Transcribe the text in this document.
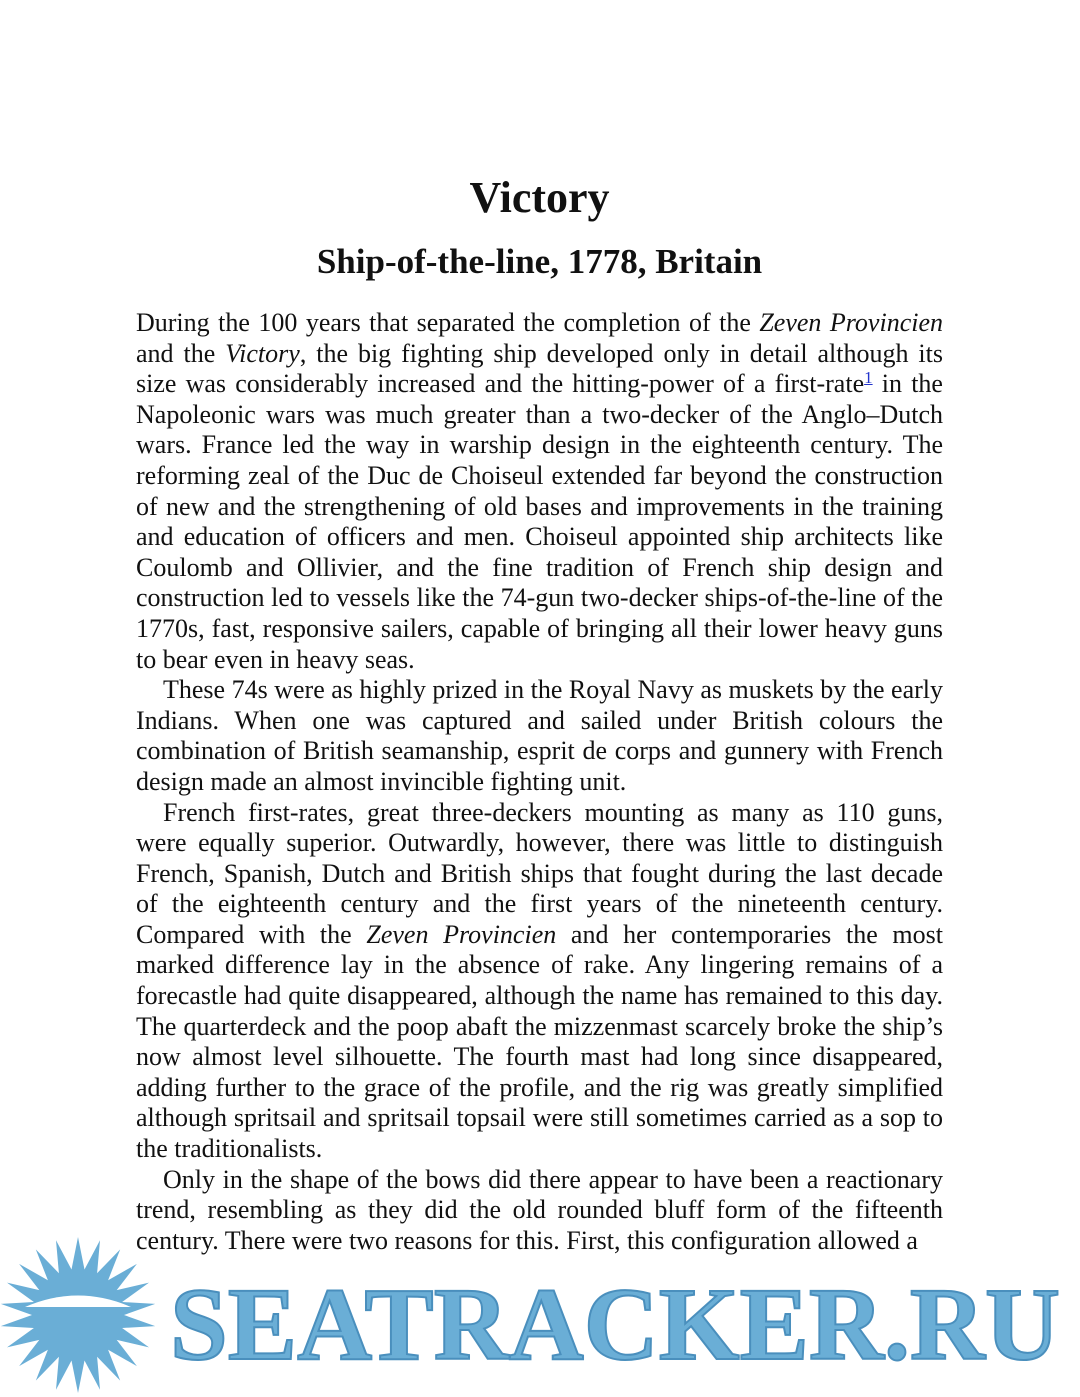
Victory
Ship-of-the-line, 1778, Britain

During the 100 years that separated the completion of the Zeven Provincien and the Victory, the big fighting ship developed only in detail although its size was considerably increased and the hitting-power of a first-rate$^1$ in the Napoleonic wars was much greater than a two-decker of the Anglo–Dutch wars. France led the way in warship design in the eighteenth century. The reforming zeal of the Duc de Choiseul extended far beyond the construction of new and the strengthening of old bases and improvements in the training and education of officers and men. Choiseul appointed ship architects like Coulomb and Ollivier, and the fine tradition of French ship design and construction led to vessels like the 74-gun two-decker ships-of-the-line of the 1770s, fast, responsive sailers, capable of bringing all their lower heavy guns to bear even in heavy seas.

These 74s were as highly prized in the Royal Navy as muskets by the early Indians. When one was captured and sailed under British colours the combination of British seamanship, esprit de corps and gunnery with French design made an almost invincible fighting unit.

French first-rates, great three-deckers mounting as many as 110 guns, were equally superior. Outwardly, however, there was little to distinguish French, Spanish, Dutch and British ships that fought during the last decade of the eighteenth century and the first years of the nineteenth century. Compared with the Zeven Provincien and her contemporaries the most marked difference lay in the absence of rake. Any lingering remains of a forecastle had quite disappeared, although the name has remained to this day. The quarterdeck and the poop abaft the mizzenmast scarcely broke the ship’s now almost level silhouette. The fourth mast had long since disappeared, adding further to the grace of the profile, and the rig was greatly simplified although spritsail and spritsail topsail were still sometimes carried as a sop to the traditionalists.

Only in the shape of the bows did there appear to have been a reactionary trend, resembling as they did the old rounded bluff form of the fifteenth century. There were two reasons for this. First, this configuration allowed a

SEATRACKER.RU
